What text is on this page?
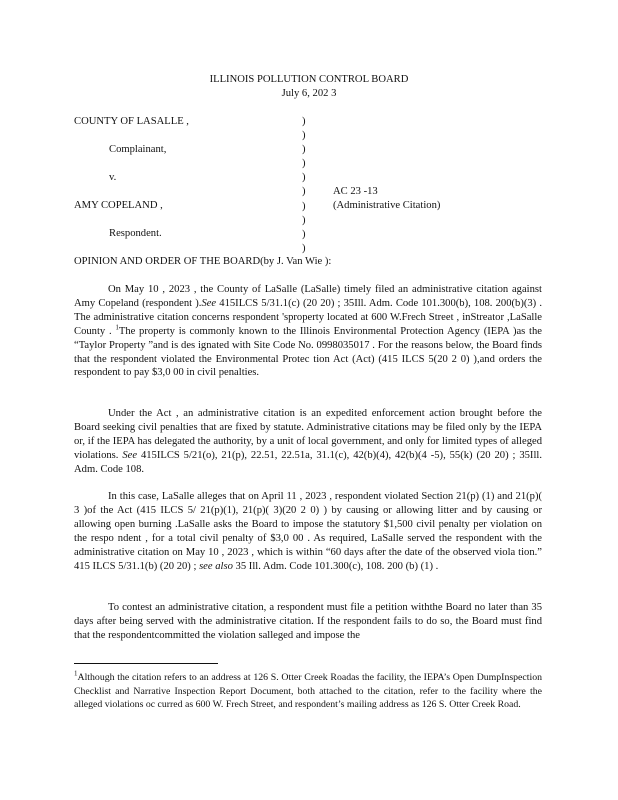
ILLINOIS POLLUTION CONTROL BOARD

July 6, 202 3

COUNTY OF LASALLE ,

Complainant,

v.

AMY COPELAND ,

Respondent.

AC 23 -13

(Administrative Citation)

)
)
)
)
)
)
)
)
)
)

OPINION AND ORDER OF THE BOARD(by J. Van Wie ):

On May 10 , 2023 , the County of LaSalle (LaSalle) timely filed an administrative citation against Amy Copeland (respondent ).See 415ILCS 5/31.1(c) (20 20) ; 35Ill. Adm. Code 101.300(b), 108. 200(b)(3) . The administrative citation concerns respondent 'sproperty located at 600 W.Frech Street , inStreator ,LaSalle County . $^1$The property is commonly known to the Illinois Environmental Protection Agency (IEPA )as the “Taylor Property ”and is des ignated with Site Code No. 0998035017 . For the reasons below, the Board finds that the respondent violated the Environmental Protec tion Act (Act) (415 ILCS 5(20 2 0) ),and orders the respondent to pay $3,0 00 in civil penalties.

Under the Act , an administrative citation is an expedited enforcement action brought before the Board seeking civil penalties that are fixed by statute. Administrative citations may be filed only by the IEPA or, if the IEPA has delegated the authority, by a unit of local government, and only for limited types of alleged violations. See 415ILCS 5/21(o), 21(p), 22.51, 22.51a, 31.1(c), 42(b)(4), 42(b)(4 -5), 55(k) (20 20) ; 35Ill. Adm. Code 108.

In this case, LaSalle alleges that on April 11 , 2023 , respondent violated Section 21(p) (1) and 21(p)( 3 )of the Act (415 ILCS 5/ 21(p)(1), 21(p)( 3)(20 2 0) ) by causing or allowing litter and by causing or allowing open burning .LaSalle asks the Board to impose the statutory $1,500 civil penalty per violation on the respo ndent , for a total civil penalty of $3,0 00 . As required, LaSalle served the respondent with the administrative citation on May 10 , 2023 , which is within “60 days after the date of the observed viola tion.” 415 ILCS 5/31.1(b) (20 20) ; see also 35 Ill. Adm. Code 101.300(c), 108. 200 (b) (1) .

To contest an administrative citation, a respondent must file a petition withthe Board no later than 35 days after being served with the administrative citation. If the respondent fails to do so, the Board must find that the respondentcommitted the violation salleged and impose the

$^1$Although the citation refers to an address at 126 S. Otter Creek Roadas the facility, the IEPA’s Open DumpInspection Checklist and Narrative Inspection Report Document, both attached to the citation, refer to the facility where the alleged violations oc curred as 600 W. Frech Street, and respondent’s mailing address as 126 S. Otter Creek Road.
